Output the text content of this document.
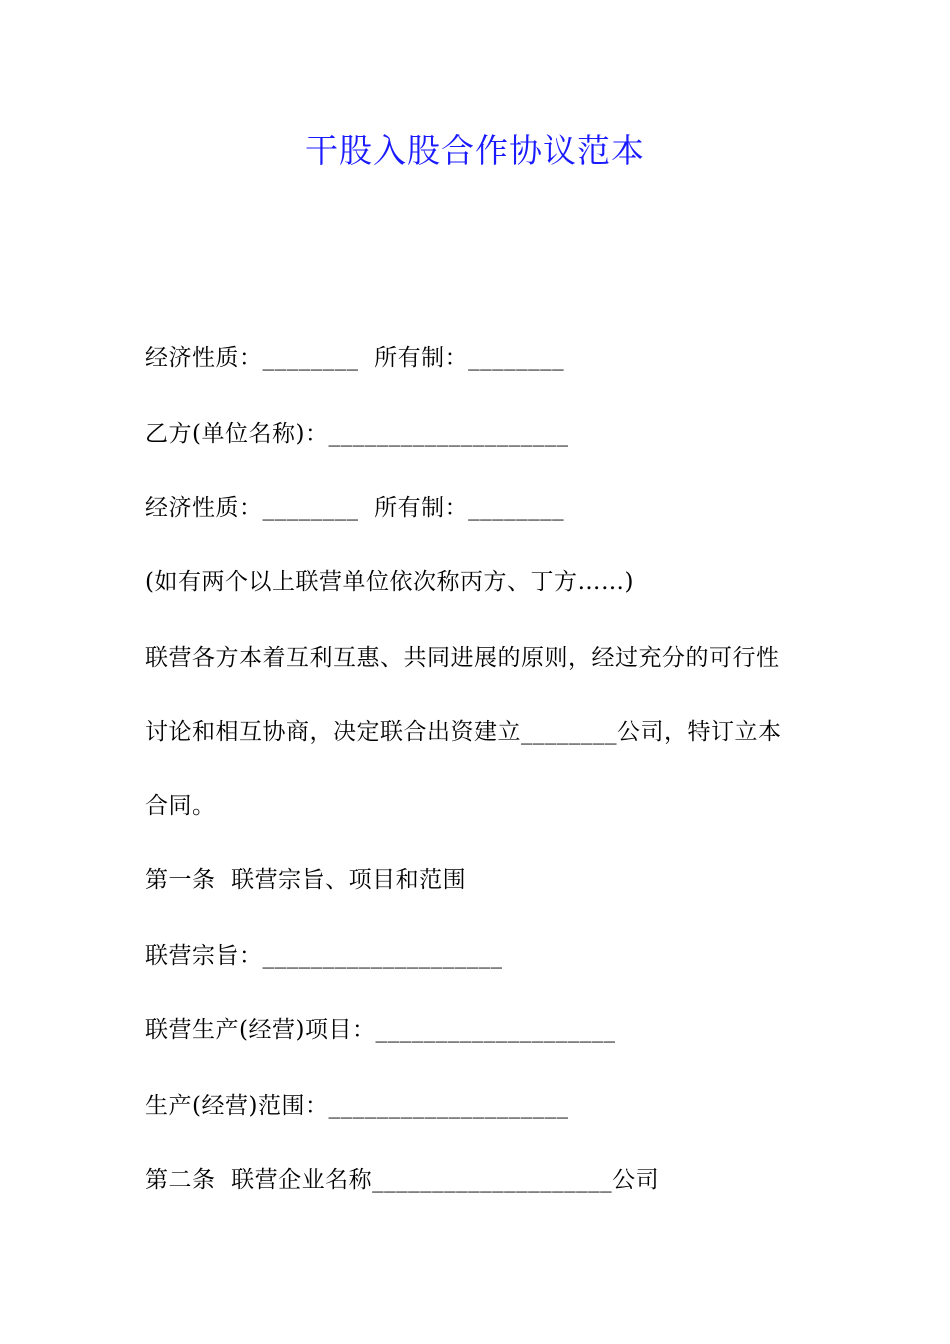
干股入股合作协议范本
经济性质：________  所有制：________
乙方(单位名称)：____________________
经济性质：________  所有制：________
(如有两个以上联营单位依次称丙方、丁方……)
联营各方本着互利互惠、共同进展的原则，经过充分的可行性
讨论和相互协商，决定联合出资建立________公司，特订立本
合同。
第一条  联营宗旨、项目和范围
联营宗旨：____________________
联营生产(经营)项目：____________________
生产(经营)范围：____________________
第二条  联营企业名称____________________公司
